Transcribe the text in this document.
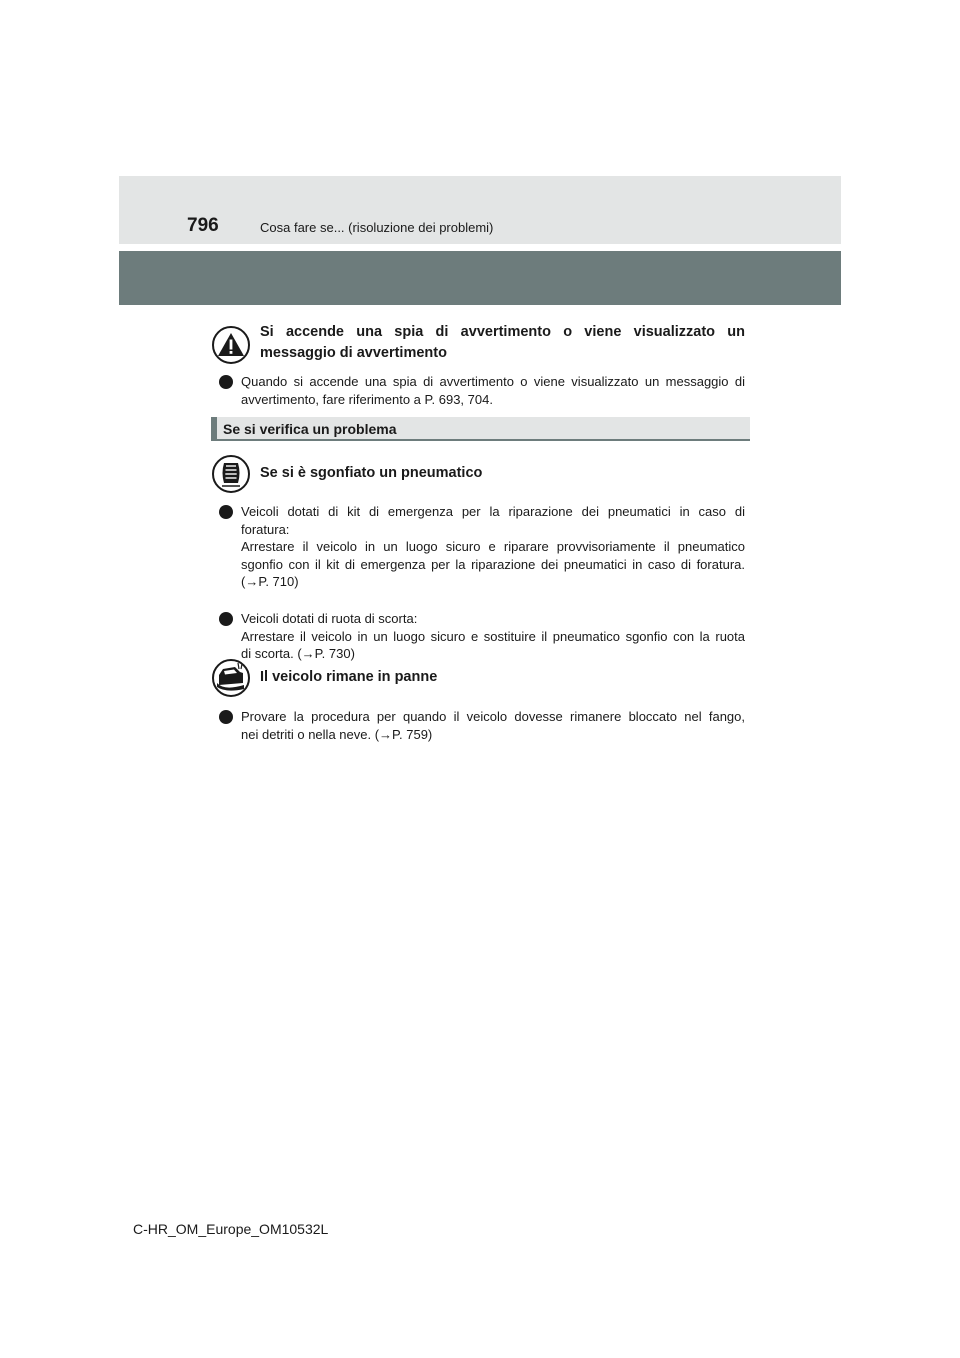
796	Cosa fare se... (risoluzione dei problemi)
Si accende una spia di avvertimento o viene visualizzato un messaggio di avvertimento
Quando si accende una spia di avvertimento o viene visualizzato un messaggio di
avvertimento, fare riferimento a P. 693, 704.
Se si verifica un problema
Se si è sgonfiato un pneumatico
Veicoli dotati di kit di emergenza per la riparazione dei pneumatici in caso di
foratura:
Arrestare il veicolo in un luogo sicuro e riparare provvisoriamente il pneumatico
sgonfio con il kit di emergenza per la riparazione dei pneumatici in caso di foratura.
(→P. 710)
Veicoli dotati di ruota di scorta:
Arrestare il veicolo in un luogo sicuro e sostituire il pneumatico sgonfio con la ruota
di scorta. (→P. 730)
Il veicolo rimane in panne
Provare la procedura per quando il veicolo dovesse rimanere bloccato nel fango,
nei detriti o nella neve. (→P. 759)
C-HR_OM_Europe_OM10532L
